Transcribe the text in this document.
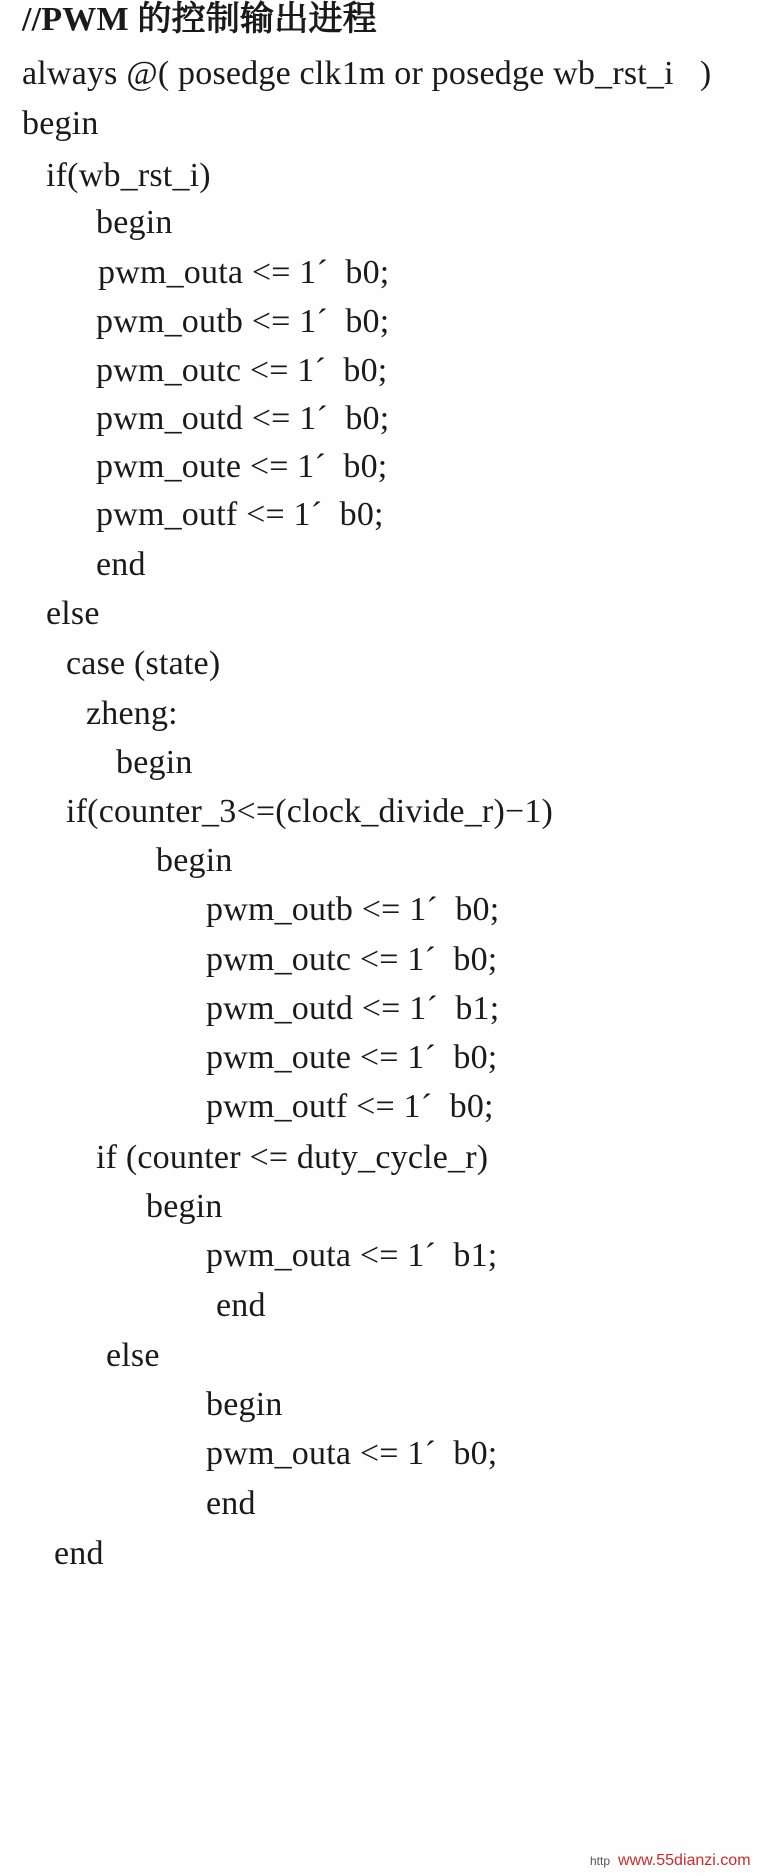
//PWM 的控制输出进程
always @( posedge clk1m or posedge wb_rst_i   )
begin
if(wb_rst_i)
begin
pwm_outa <= 1´  b0;
pwm_outb <= 1´  b0;
pwm_outc <= 1´  b0;
pwm_outd <= 1´  b0;
pwm_oute <= 1´  b0;
pwm_outf <= 1´  b0;
end
else
case (state)
zheng:
begin
if(counter_3<=(clock_divide_r)−1)
begin
pwm_outb <= 1´  b0;
pwm_outc <= 1´  b0;
pwm_outd <= 1´  b1;
pwm_oute <= 1´  b0;
pwm_outf <= 1´  b0;
if (counter <= duty_cycle_r)
begin
pwm_outa <= 1´  b1;
end
else
begin
pwm_outa <= 1´  b0;
end
end
http www.55dianzi.com
